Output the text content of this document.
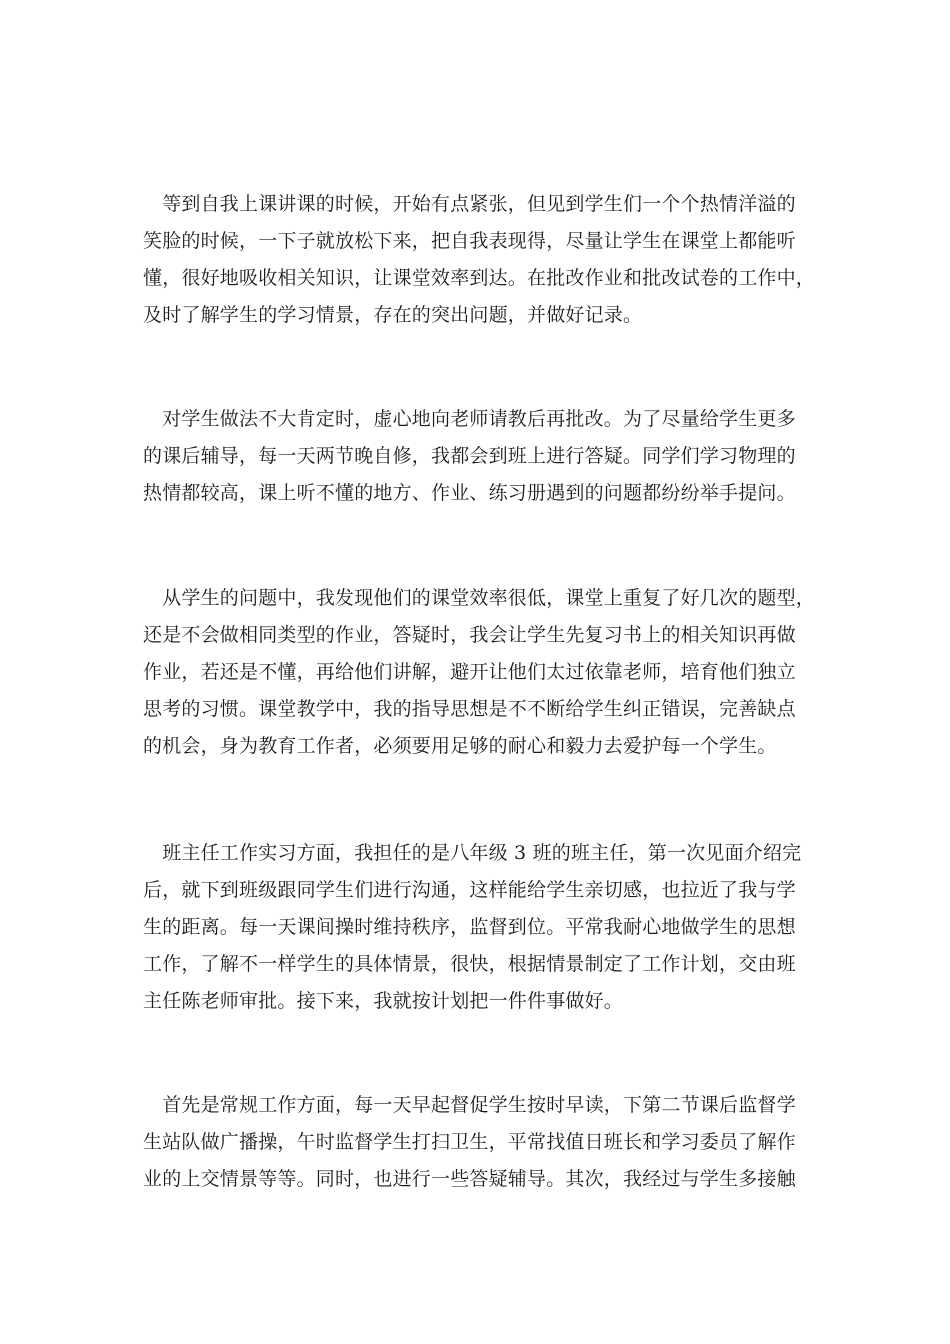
　等到自我上课讲课的时候，开始有点紧张，但见到学生们一个个热情洋溢的
笑脸的时候，一下子就放松下来，把自我表现得，尽量让学生在课堂上都能听
懂，很好地吸收相关知识，让课堂效率到达。在批改作业和批改试卷的工作中，
及时了解学生的学习情景，存在的突出问题，并做好记录。
　对学生做法不大肯定时，虚心地向老师请教后再批改。为了尽量给学生更多
的课后辅导，每一天两节晚自修，我都会到班上进行答疑。同学们学习物理的
热情都较高，课上听不懂的地方、作业、练习册遇到的问题都纷纷举手提问。
　从学生的问题中，我发现他们的课堂效率很低，课堂上重复了好几次的题型，
还是不会做相同类型的作业，答疑时，我会让学生先复习书上的相关知识再做
作业，若还是不懂，再给他们讲解，避开让他们太过依靠老师，培育他们独立
思考的习惯。课堂教学中，我的指导思想是不不断给学生纠正错误，完善缺点
的机会，身为教育工作者，必须要用足够的耐心和毅力去爱护每一个学生。
　班主任工作实习方面，我担任的是八年级 3 班的班主任，第一次见面介绍完
后，就下到班级跟同学生们进行沟通，这样能给学生亲切感，也拉近了我与学
生的距离。每一天课间操时维持秩序，监督到位。平常我耐心地做学生的思想
工作，了解不一样学生的具体情景，很快，根据情景制定了工作计划，交由班
主任陈老师审批。接下来，我就按计划把一件件事做好。
　首先是常规工作方面，每一天早起督促学生按时早读，下第二节课后监督学
生站队做广播操，午时监督学生打扫卫生，平常找值日班长和学习委员了解作
业的上交情景等等。同时，也进行一些答疑辅导。其次，我经过与学生多接触
